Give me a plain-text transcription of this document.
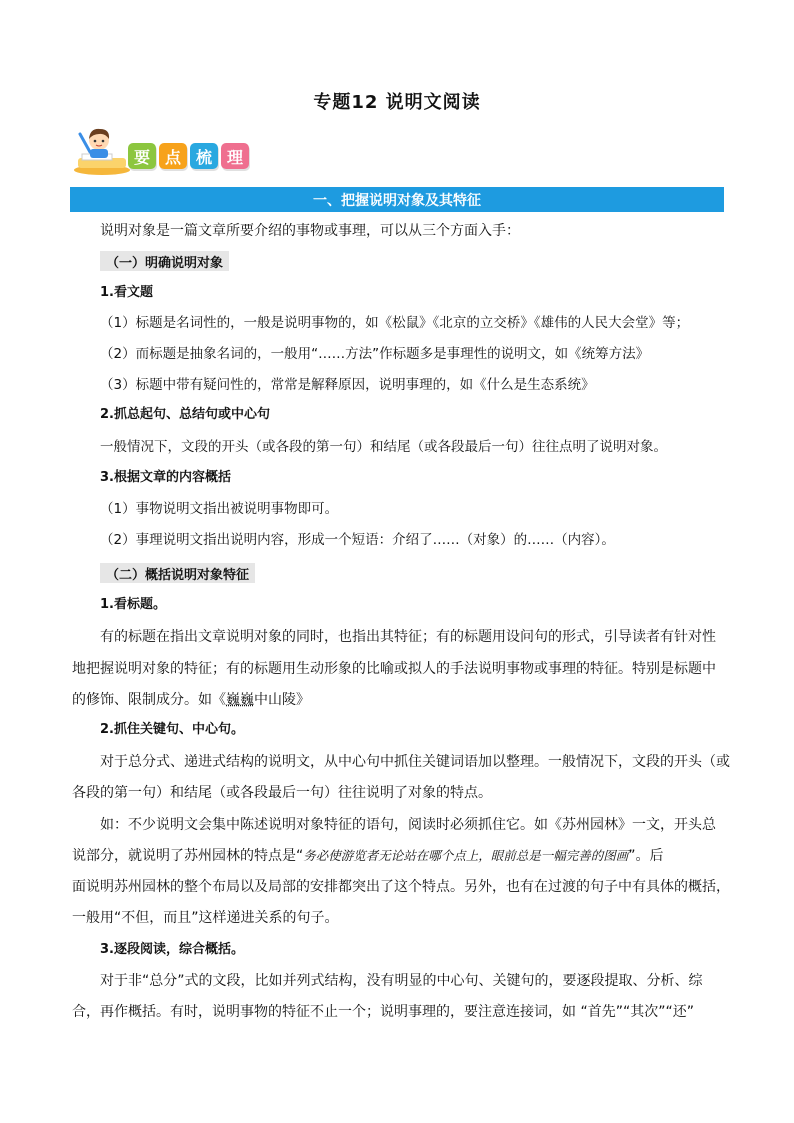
专题12 说明文阅读
要 点 梳 理
一、把握说明对象及其特征
说明对象是一篇文章所要介绍的事物或事理，可以从三个方面入手：
（一）明确说明对象
1.看文题
（1）标题是名词性的，一般是说明事物的，如《松鼠》《北京的立交桥》《雄伟的人民大会堂》等；
（2）而标题是抽象名词的，一般用“……方法”作标题多是事理性的说明文，如《统筹方法》
（3）标题中带有疑问性的，常常是解释原因，说明事理的，如《什么是生态系统》
2.抓总起句、总结句或中心句
一般情况下，文段的开头（或各段的第一句）和结尾（或各段最后一句）往往点明了说明对象。
3.根据文章的内容概括
（1）事物说明文指出被说明事物即可。
（2）事理说明文指出说明内容，形成一个短语：介绍了……（对象）的……（内容）。
（二）概括说明对象特征
1.看标题。
有的标题在指出文章说明对象的同时，也指出其特征；有的标题用设问句的形式，引导读者有针对性
地把握说明对象的特征；有的标题用生动形象的比喻或拟人的手法说明事物或事理的特征。特别是标题中
的修饰、限制成分。如《巍巍中山陵》
2.抓住关键句、中心句。
对于总分式、递进式结构的说明文，从中心句中抓住关键词语加以整理。一般情况下，文段的开头（或
各段的第一句）和结尾（或各段最后一句）往往说明了对象的特点。
如：不少说明文会集中陈述说明对象特征的语句，阅读时必须抓住它。如《苏州园林》一文，开头总
说部分，就说明了苏州园林的特点是“务必使游览者无论站在哪个点上，眼前总是一幅完善的图画”。后
面说明苏州园林的整个布局以及局部的安排都突出了这个特点。另外，也有在过渡的句子中有具体的概括，
一般用“不但，而且”这样递进关系的句子。
3.逐段阅读，综合概括。
对于非“总分”式的文段，比如并列式结构，没有明显的中心句、关键句的，要逐段提取、分析、综
合，再作概括。有时，说明事物的特征不止一个；说明事理的，要注意连接词，如 “首先”“其次”“还”
